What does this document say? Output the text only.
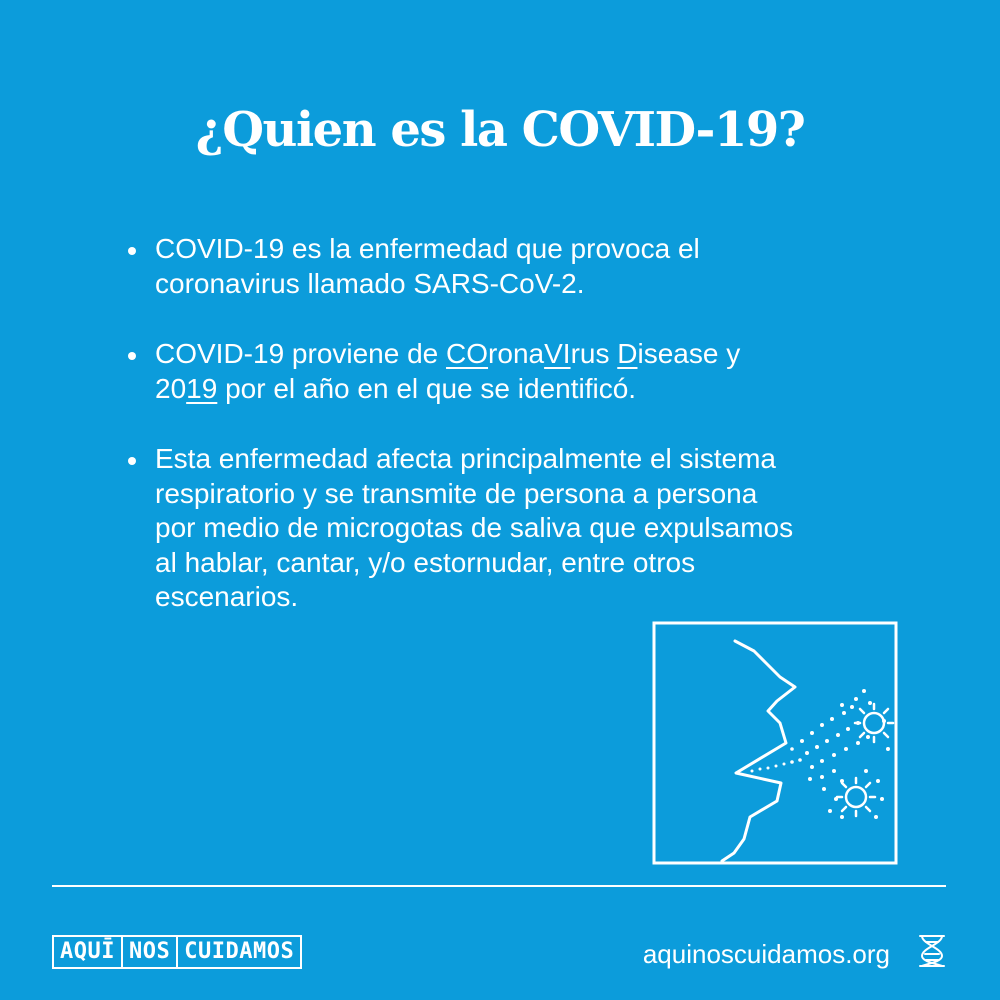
¿Quien es la COVID-19?
COVID-19 es la enfermedad que provoca el
coronavirus llamado SARS-CoV-2.
COVID-19 proviene de COronaVIrus Disease y
2019 por el año en el que se identificó.
Esta enfermedad afecta principalmente el sistema
respiratorio y se transmite de persona a persona
por medio de microgotas de saliva que expulsamos
al hablar, cantar, y/o estornudar, entre otros
escenarios.
AQUĪ NOS CUIDAMOS	aquinoscuidamos.org
